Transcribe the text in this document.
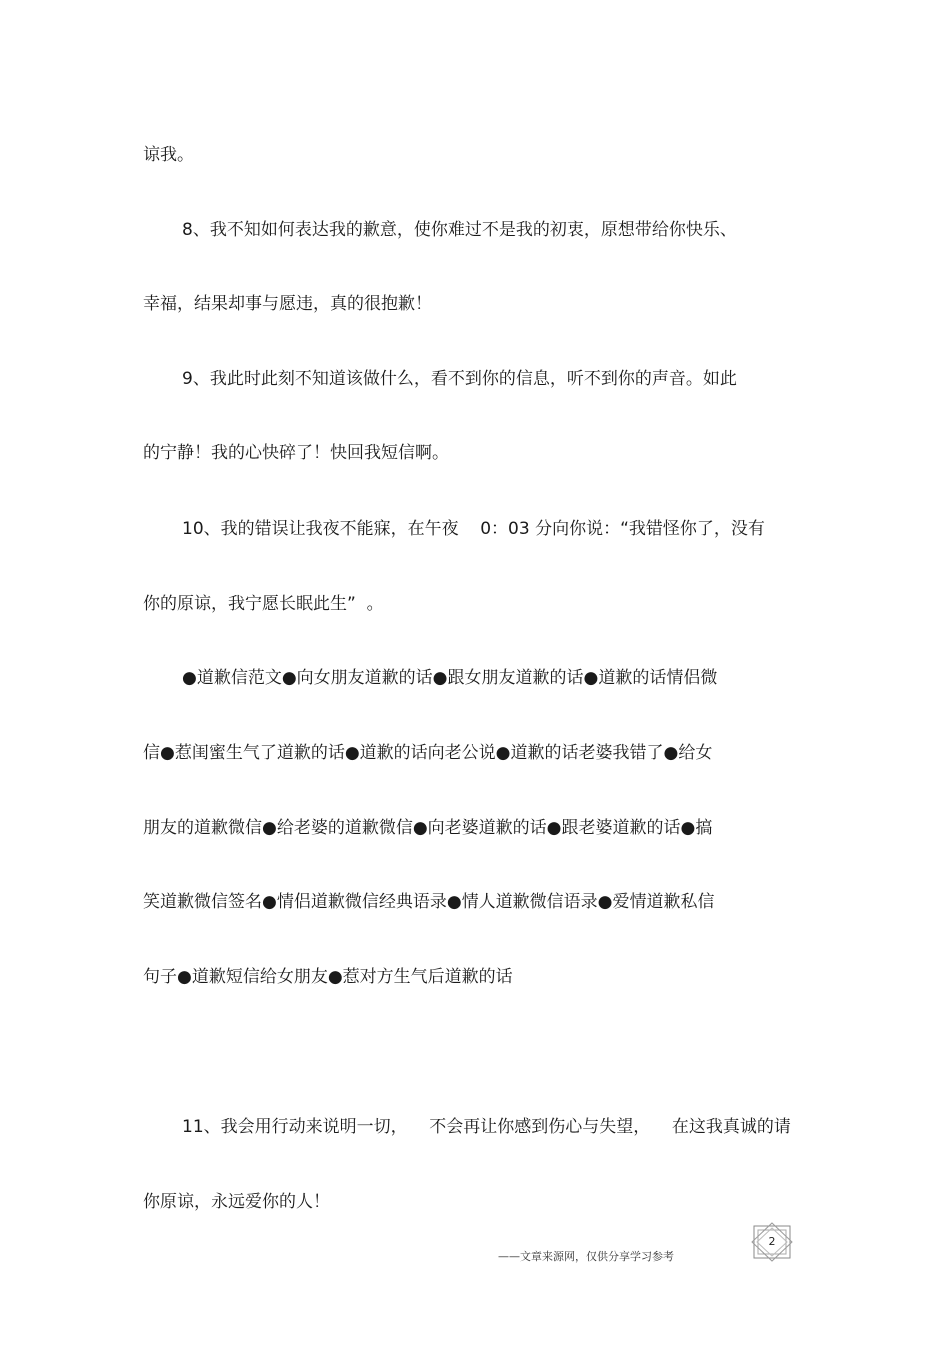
谅我。

8、我不知如何表达我的歉意，使你难过不是我的初衷，原想带给你快乐、

幸福，结果却事与愿违，真的很抱歉！

9、我此时此刻不知道该做什么，看不到你的信息，听不到你的声音。如此

的宁静！我的心快碎了！快回我短信啊。

10、我的错误让我夜不能寐，在午夜    0：03 分向你说：“我错怪你了，没有

你的原谅，我宁愿长眠此生”  。

●道歉信范文●向女朋友道歉的话●跟女朋友道歉的话●道歉的话情侣微

信●惹闺蜜生气了道歉的话●道歉的话向老公说●道歉的话老婆我错了●给女

朋友的道歉微信●给老婆的道歉微信●向老婆道歉的话●跟老婆道歉的话●搞

笑道歉微信签名●情侣道歉微信经典语录●情人道歉微信语录●爱情道歉私信

句子●道歉短信给女朋友●惹对方生气后道歉的话

11、我会用行动来说明一切，    不会再让你感到伤心与失望，    在这我真诚的请

你原谅，永远爱你的人！

2
——文章来源网，仅供分享学习参考
